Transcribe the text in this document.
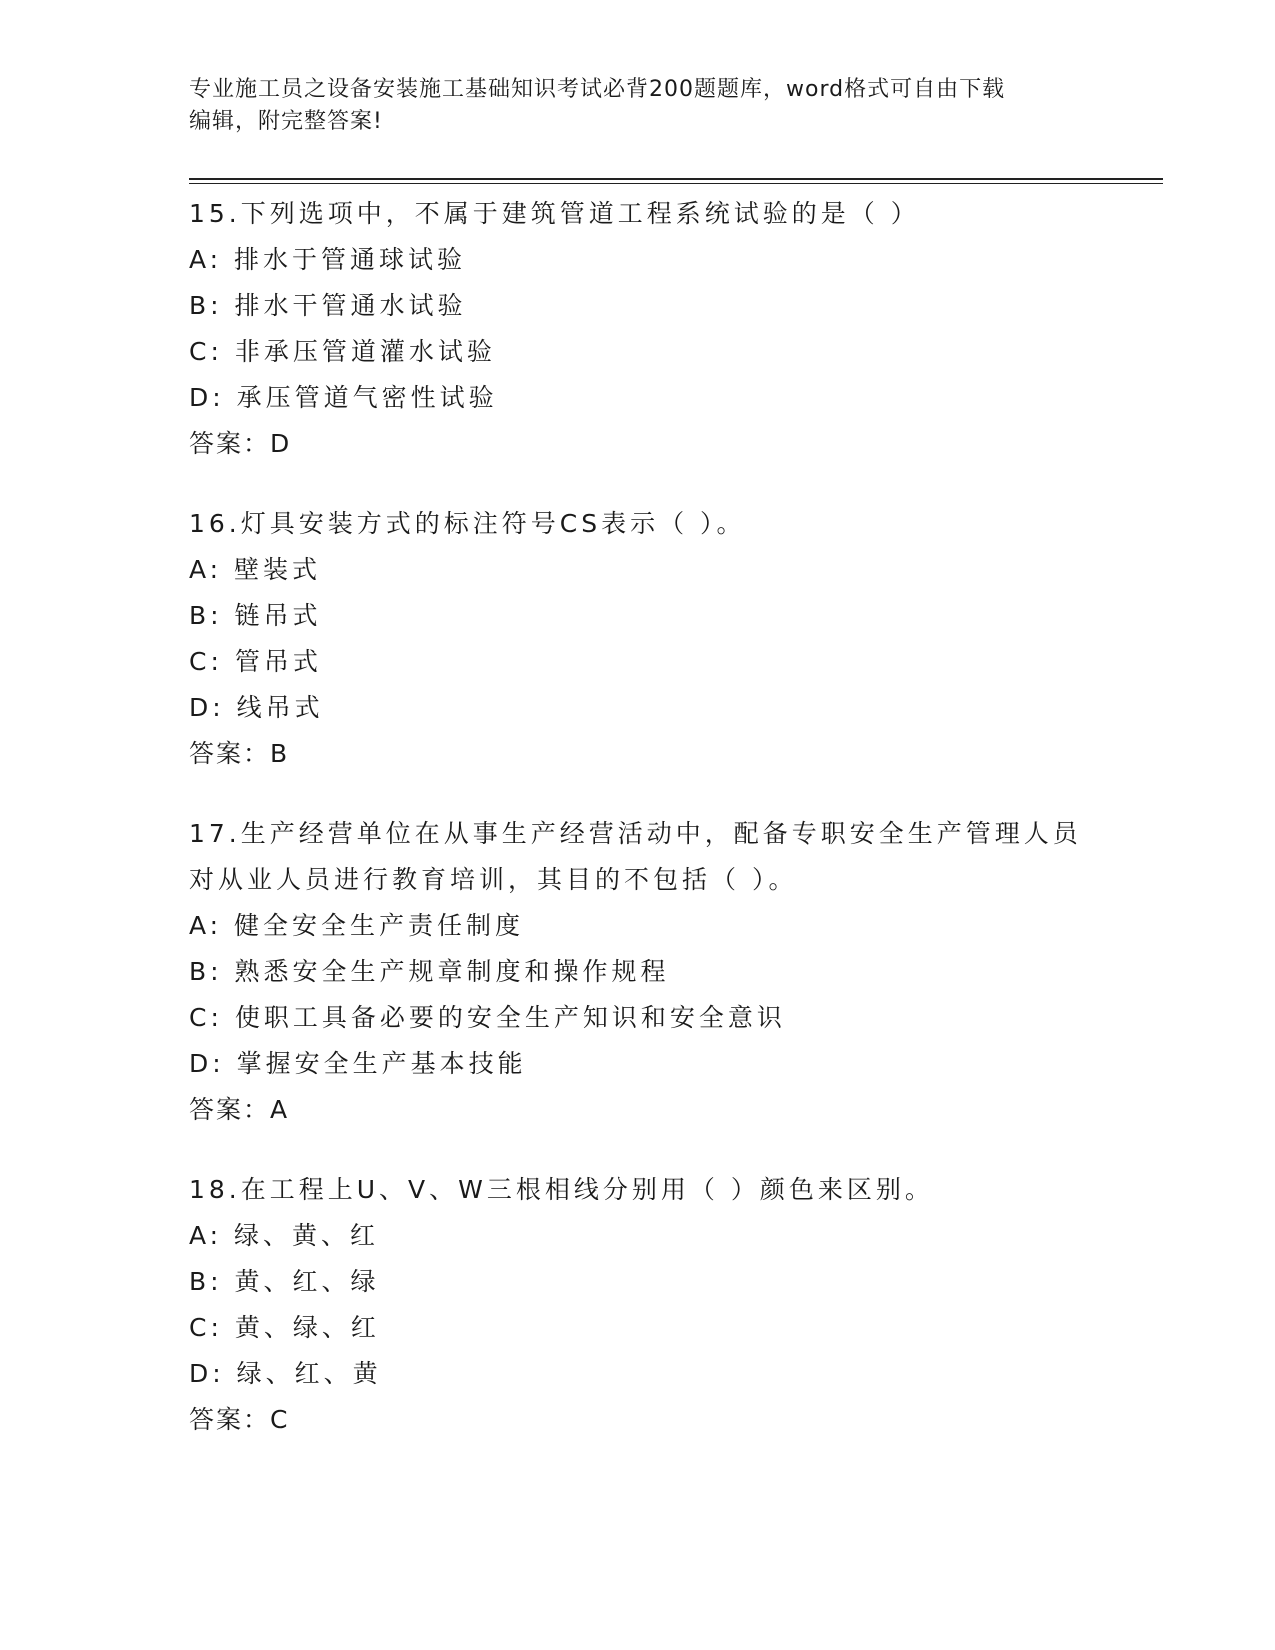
专业施工员之设备安装施工基础知识考试必背200题题库，word格式可自由下载
编辑，附完整答案!

15.下列选项中，不属于建筑管道工程系统试验的是（ ）

A: 排水于管通球试验

B: 排水干管通水试验

C: 非承压管道灌水试验

D: 承压管道气密性试验

答案：D

16.灯具安装方式的标注符号CS表示（ ）。

A: 壁装式

B: 链吊式

C: 管吊式

D: 线吊式

答案：B

17.生产经营单位在从事生产经营活动中，配备专职安全生产管理人员

对从业人员进行教育培训，其目的不包括（ ）。

A: 健全安全生产责任制度

B: 熟悉安全生产规章制度和操作规程

C: 使职工具备必要的安全生产知识和安全意识

D: 掌握安全生产基本技能

答案：A

18.在工程上U、V、W三根相线分别用（ ）颜色来区别。

A: 绿、黄、红

B: 黄、红、绿

C: 黄、绿、红

D: 绿、红、黄

答案：C
